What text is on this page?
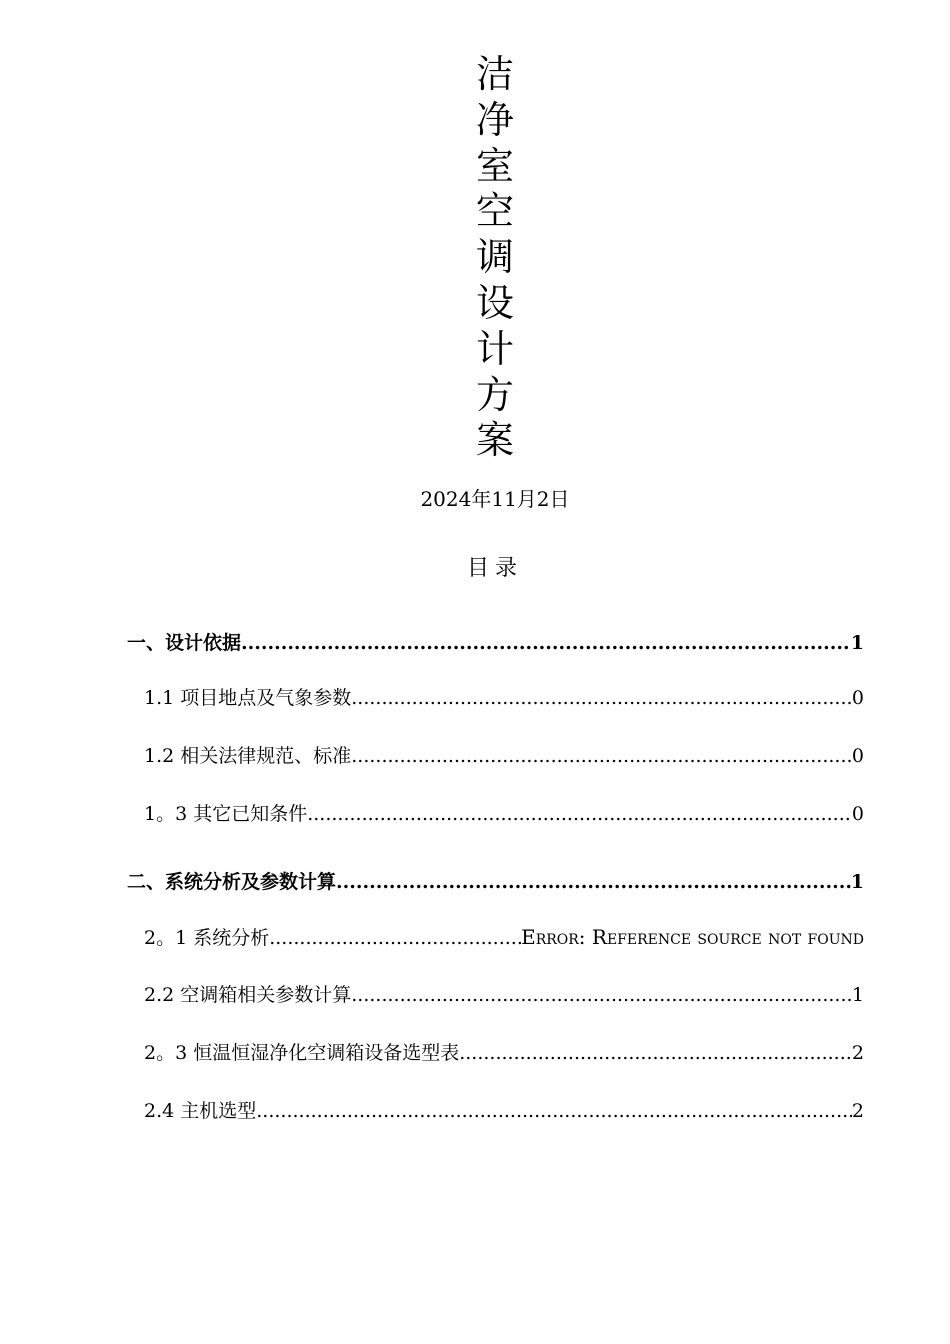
洁
净
室
空
调
设
计
方
案
2024年11月2日
目录
一、设计依据 .....	1
1.1 项目地点及气象参数 .....	0
1.2 相关法律规范、标准 .....	0
1。3 其它已知条件 .....	0
二、系统分析及参数计算 .....	1
2。1 系统分析 .....	Error: Reference source not found
2.2 空调箱相关参数计算 .....	1
2。3 恒温恒湿净化空调箱设备选型表 .....	2
2.4 主机选型 .....	2
